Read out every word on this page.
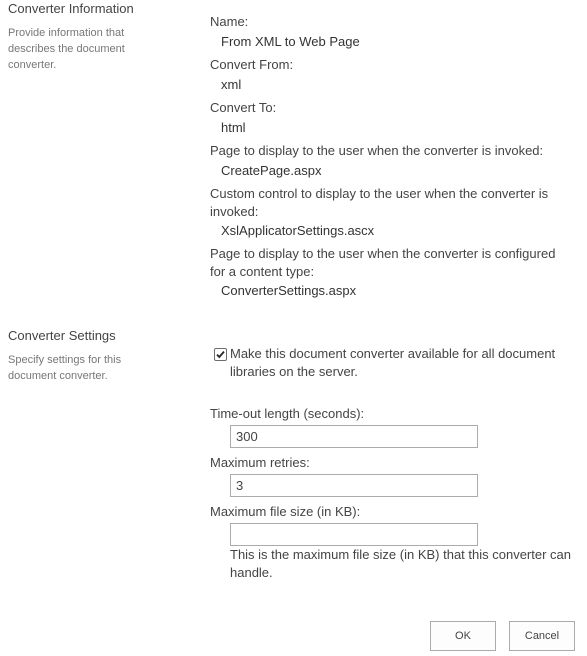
Converter Information
Provide information that describes the document converter.
Name:
From XML to Web Page
Convert From:
xml
Convert To:
html
Page to display to the user when the converter is invoked:
CreatePage.aspx
Custom control to display to the user when the converter is invoked:
XslApplicatorSettings.ascx
Page to display to the user when the converter is configured for a content type:
ConverterSettings.aspx
Converter Settings
Specify settings for this document converter.
Make this document converter available for all document libraries on the server.
Time-out length (seconds):
300
Maximum retries:
3
Maximum file size (in KB):
This is the maximum file size (in KB) that this converter can handle.
OK	Cancel
